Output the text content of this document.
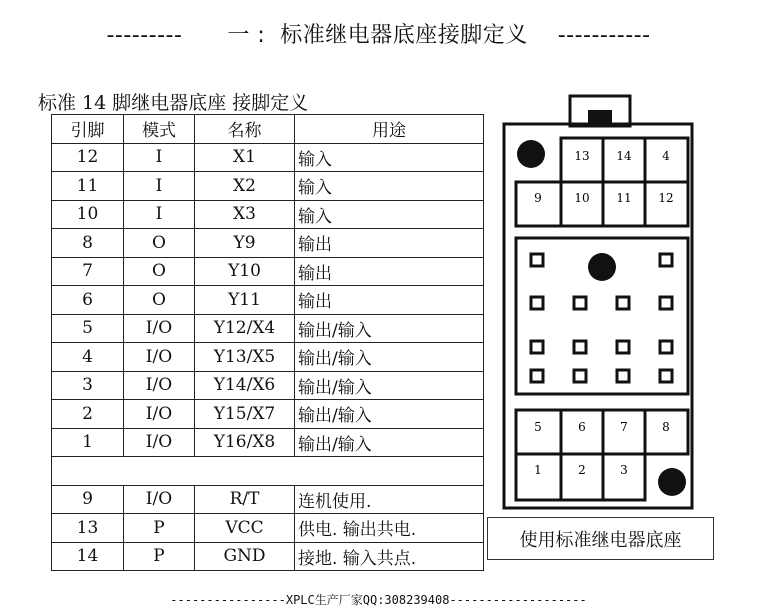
---------      一 :  标准继电器底座接脚定义    -----------
标准 14 脚继电器底座 接脚定义
引脚	模式	名称	用途
12	I	X1	输入
11	I	X2	输入
10	I	X3	输入
8	O	Y9	输出
7	O	Y10	输出
6	O	Y11	输出
5	I/O	Y12/X4	输出/输入
4	I/O	Y13/X5	输出/输入
3	I/O	Y14/X6	输出/输入
2	I/O	Y15/X7	输出/输入
1	I/O	Y16/X8	输出/输入

9	I/O	R/T	连机使用.
13	P	VCC	供电. 输出共电.
14	P	GND	接地. 输入共点.
13 14	4
9	10 11 12
5	6	7	8
1	2	3
使用标准继电器底座
----------------XPLC生产厂家QQ:308239408-------------------
